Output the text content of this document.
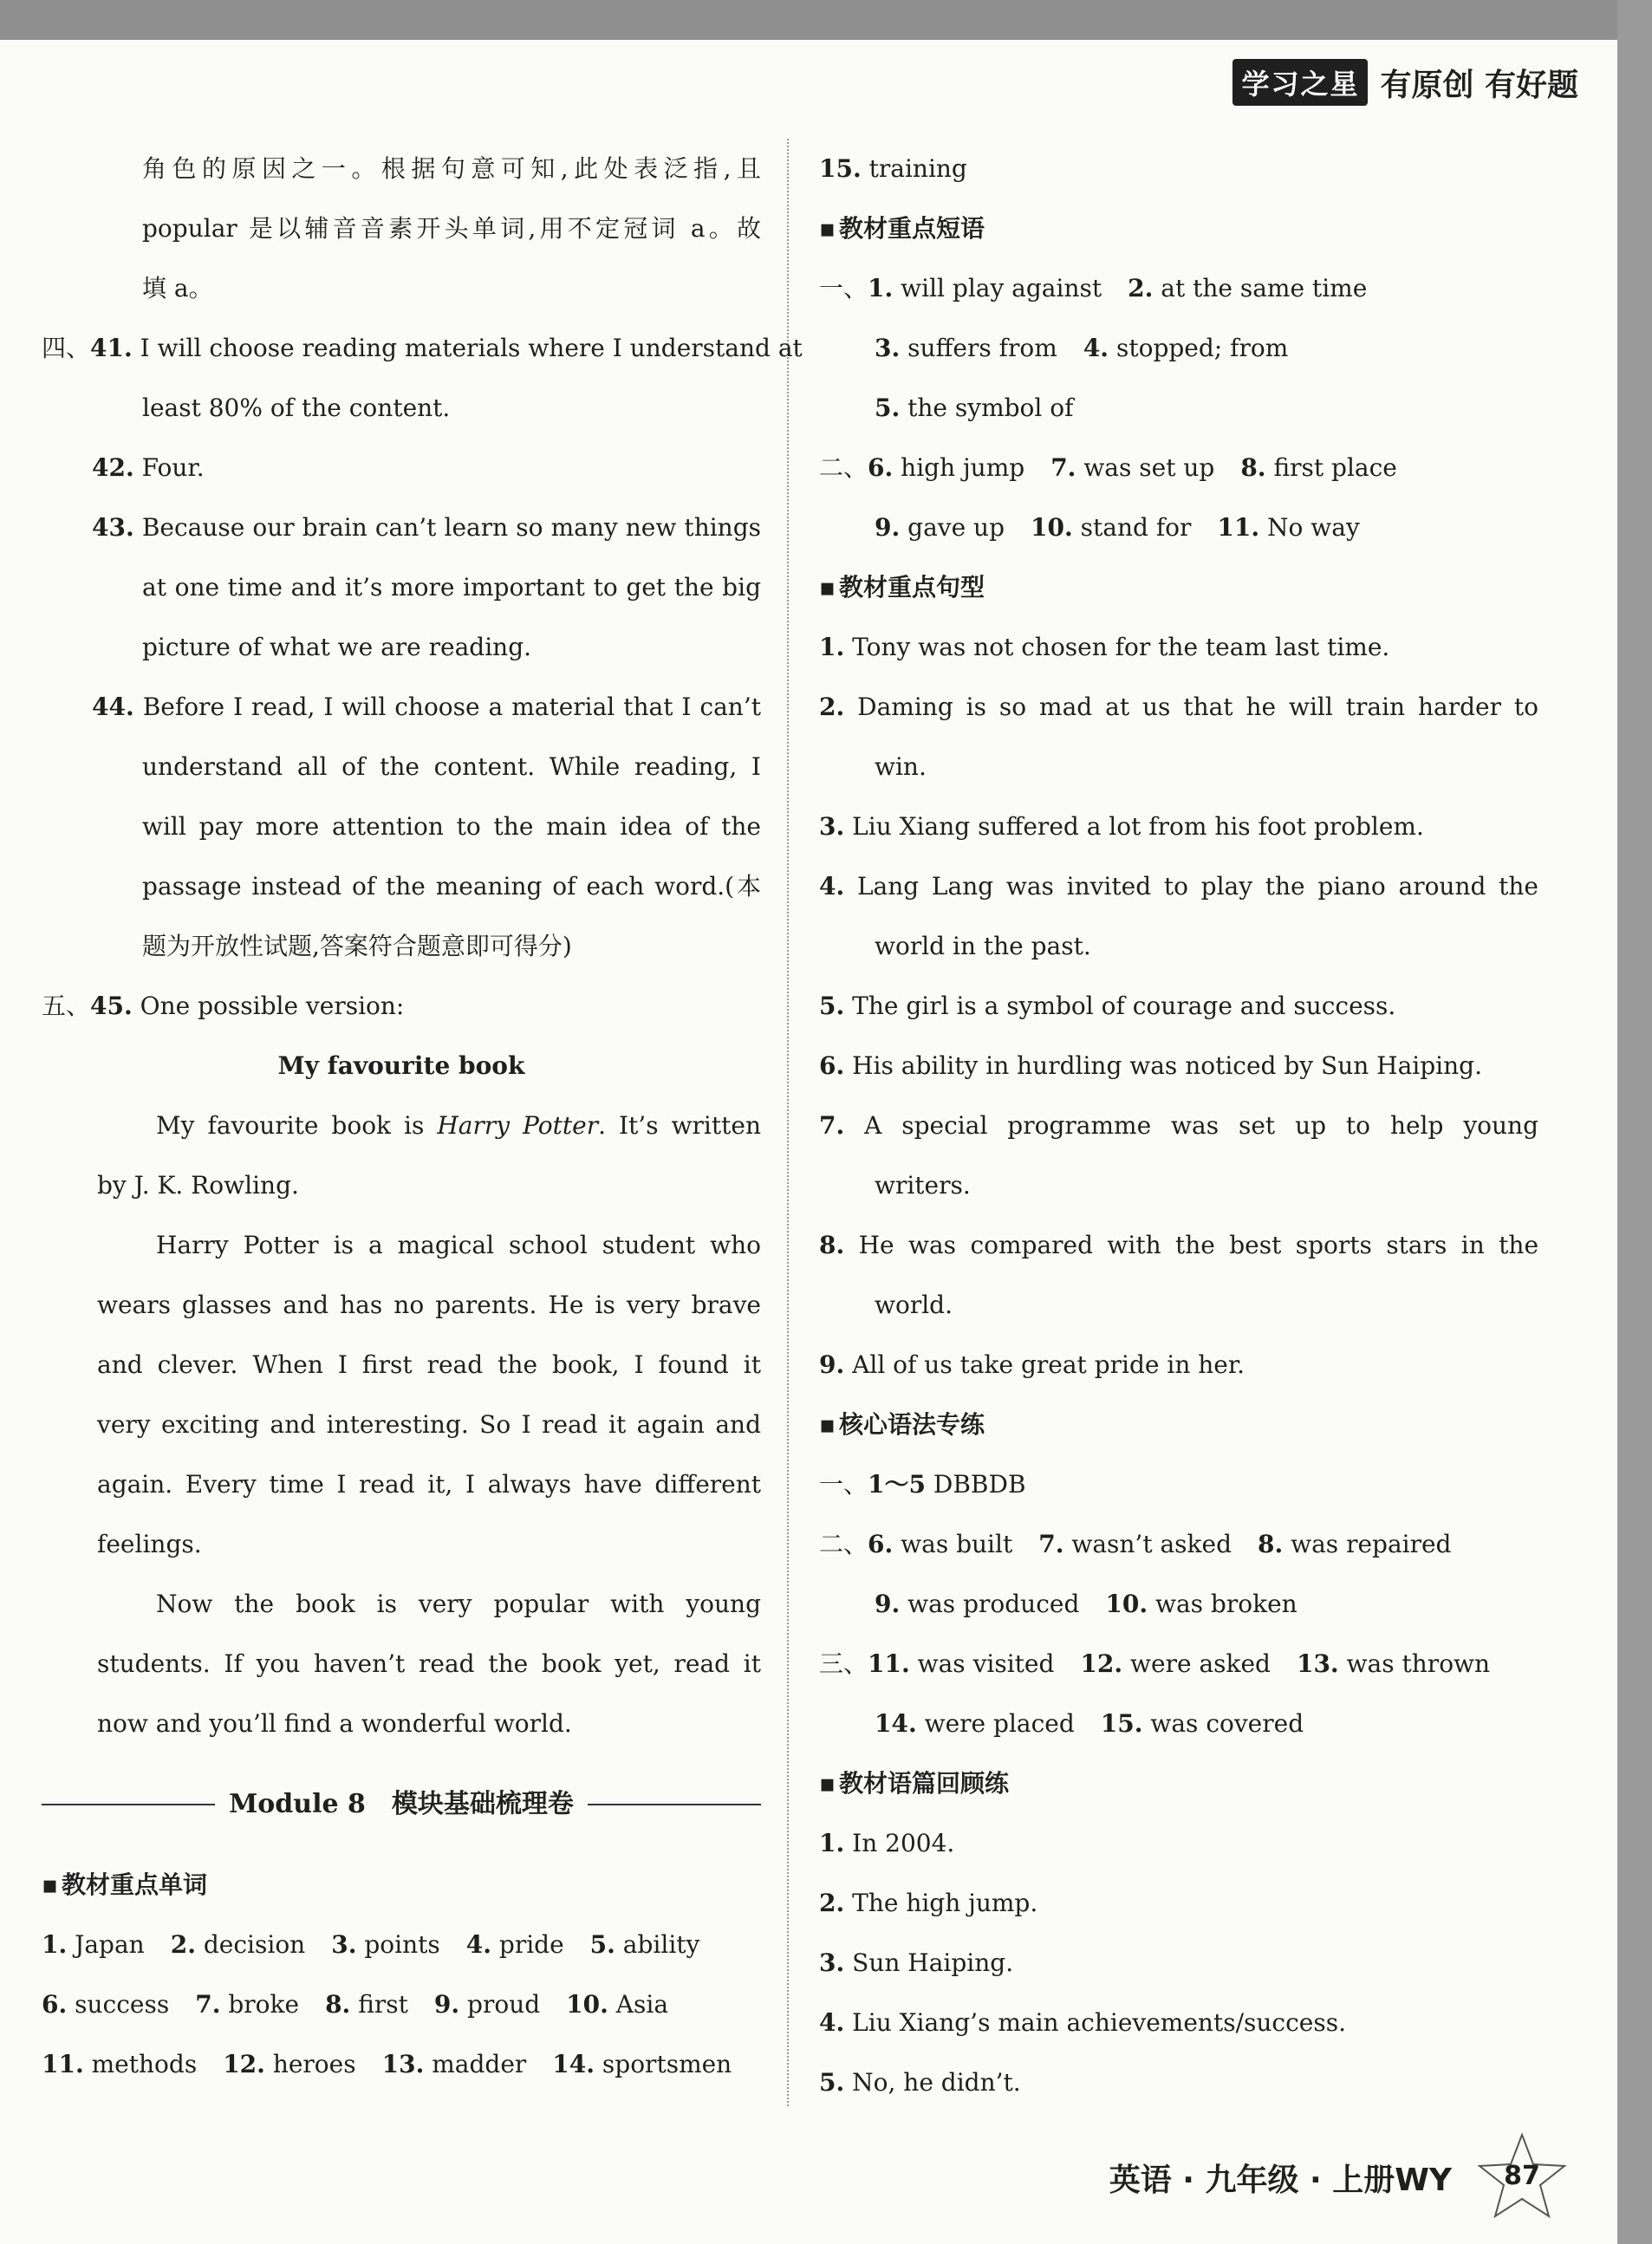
学习之星 有原创 有好题
角色的原因之一。根据句意可知,此处表泛指,且
popular 是以辅音音素开头单词,用不定冠词 a。故
填 a。
四、41. I will choose reading materials where I understand at
least 80% of the content.
42. Four.
43. Because our brain can’t learn so many new things
at one time and it’s more important to get the big
picture of what we are reading.
44. Before I read, I will choose a material that I can’t
understand all of the content. While reading, I
will pay more attention to the main idea of the
passage instead of the meaning of each word.(本
题为开放性试题,答案符合题意即可得分)
五、45. One possible version:
My favourite book
My favourite book is Harry Potter. It’s written
by J. K. Rowling.
Harry Potter is a magical school student who
wears glasses and has no parents. He is very brave
and clever. When I first read the book, I found it
very exciting and interesting. So I read it again and
again. Every time I read it, I always have different
feelings.
Now the book is very popular with young
students. If you haven’t read the book yet, read it
now and you’ll find a wonderful world.
Module 8　模块基础梳理卷
▪ 教材重点单词
1. Japan 2. decision 3. points 4. pride 5. ability
6. success 7. broke 8. first 9. proud 10. Asia
11. methods 12. heroes 13. madder 14. sportsmen
15. training
▪ 教材重点短语
一、1. will play against 2. at the same time
3. suffers from 4. stopped; from
5. the symbol of
二、6. high jump 7. was set up 8. first place
9. gave up 10. stand for 11. No way
▪ 教材重点句型
1. Tony was not chosen for the team last time.
2. Daming is so mad at us that he will train harder to
win.
3. Liu Xiang suffered a lot from his foot problem.
4. Lang Lang was invited to play the piano around the
world in the past.
5. The girl is a symbol of courage and success.
6. His ability in hurdling was noticed by Sun Haiping.
7. A special programme was set up to help young
writers.
8. He was compared with the best sports stars in the
world.
9. All of us take great pride in her.
▪ 核心语法专练
一、1～5 DBBDB
二、6. was built 7. wasn’t asked 8. was repaired
9. was produced 10. was broken
三、11. was visited 12. were asked 13. was thrown
14. were placed 15. was covered
▪ 教材语篇回顾练
1. In 2004.
2. The high jump.
3. Sun Haiping.
4. Liu Xiang’s main achievements/success.
5. No, he didn’t.
英语 · 九年级 · 上册WY	87
